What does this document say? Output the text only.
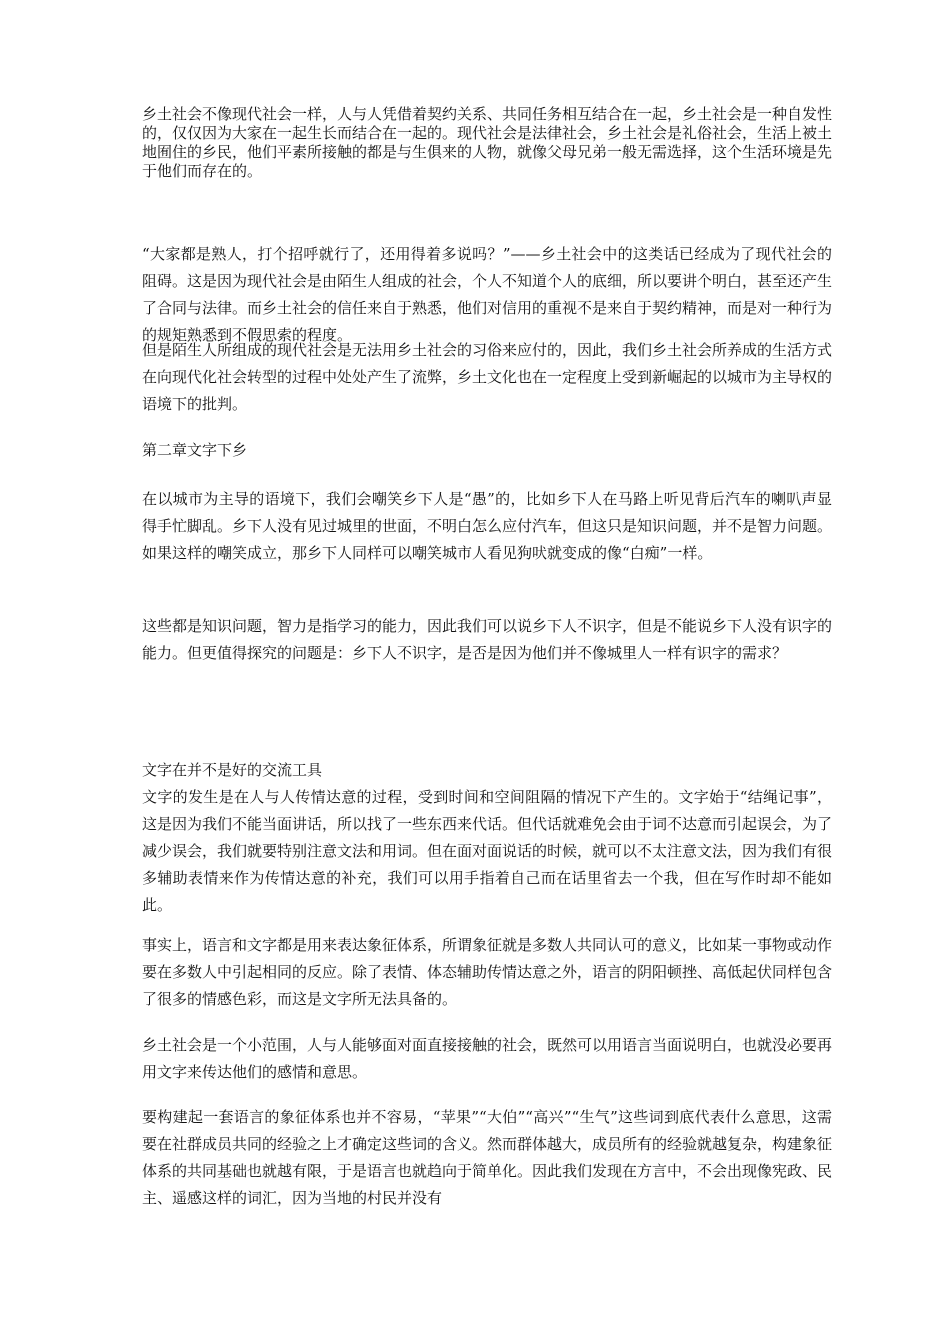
乡土社会不像现代社会一样，人与人凭借着契约关系、共同任务相互结合在一起，乡土社会是一种自发性的，仅仅因为大家在一起生长而结合在一起的。现代社会是法律社会，乡土社会是礼俗社会，生活上被土地囿住的乡民，他们平素所接触的都是与生俱来的人物，就像父母兄弟一般无需选择，这个生活环境是先于他们而存在的。

“大家都是熟人，打个招呼就行了，还用得着多说吗？”——乡土社会中的这类话已经成为了现代社会的阻碍。这是因为现代社会是由陌生人组成的社会，个人不知道个人的底细，所以要讲个明白，甚至还产生了合同与法律。而乡土社会的信任来自于熟悉，他们对信用的重视不是来自于契约精神，而是对一种行为的规矩熟悉到不假思索的程度。

但是陌生人所组成的现代社会是无法用乡土社会的习俗来应付的，因此，我们乡土社会所养成的生活方式在向现代化社会转型的过程中处处产生了流弊，乡土文化也在一定程度上受到新崛起的以城市为主导权的语境下的批判。

第二章文字下乡

在以城市为主导的语境下，我们会嘲笑乡下人是“愚”的，比如乡下人在马路上听见背后汽车的喇叭声显得手忙脚乱。乡下人没有见过城里的世面，不明白怎么应付汽车，但这只是知识问题，并不是智力问题。如果这样的嘲笑成立，那乡下人同样可以嘲笑城市人看见狗吠就变成的像“白痴”一样。

这些都是知识问题，智力是指学习的能力，因此我们可以说乡下人不识字，但是不能说乡下人没有识字的能力。但更值得探究的问题是：乡下人不识字，是否是因为他们并不像城里人一样有识字的需求？

文字在并不是好的交流工具

文字的发生是在人与人传情达意的过程，受到时间和空间阻隔的情况下产生的。文字始于“结绳记事”，这是因为我们不能当面讲话，所以找了一些东西来代话。但代话就难免会由于词不达意而引起误会，为了减少误会，我们就要特别注意文法和用词。但在面对面说话的时候，就可以不太注意文法，因为我们有很多辅助表情来作为传情达意的补充，我们可以用手指着自己而在话里省去一个我，但在写作时却不能如此。

事实上，语言和文字都是用来表达象征体系，所谓象征就是多数人共同认可的意义，比如某一事物或动作要在多数人中引起相同的反应。除了表情、体态辅助传情达意之外，语言的阴阳顿挫、高低起伏同样包含了很多的情感色彩，而这是文字所无法具备的。

乡土社会是一个小范围，人与人能够面对面直接接触的社会，既然可以用语言当面说明白，也就没必要再用文字来传达他们的感情和意思。

要构建起一套语言的象征体系也并不容易，“苹果”“大伯”“高兴”“生气”这些词到底代表什么意思，这需要在社群成员共同的经验之上才确定这些词的含义。然而群体越大，成员所有的经验就越复杂，构建象征体系的共同基础也就越有限，于是语言也就趋向于简单化。因此我们发现在方言中，不会出现像宪政、民主、遥感这样的词汇，因为当地的村民并没有
